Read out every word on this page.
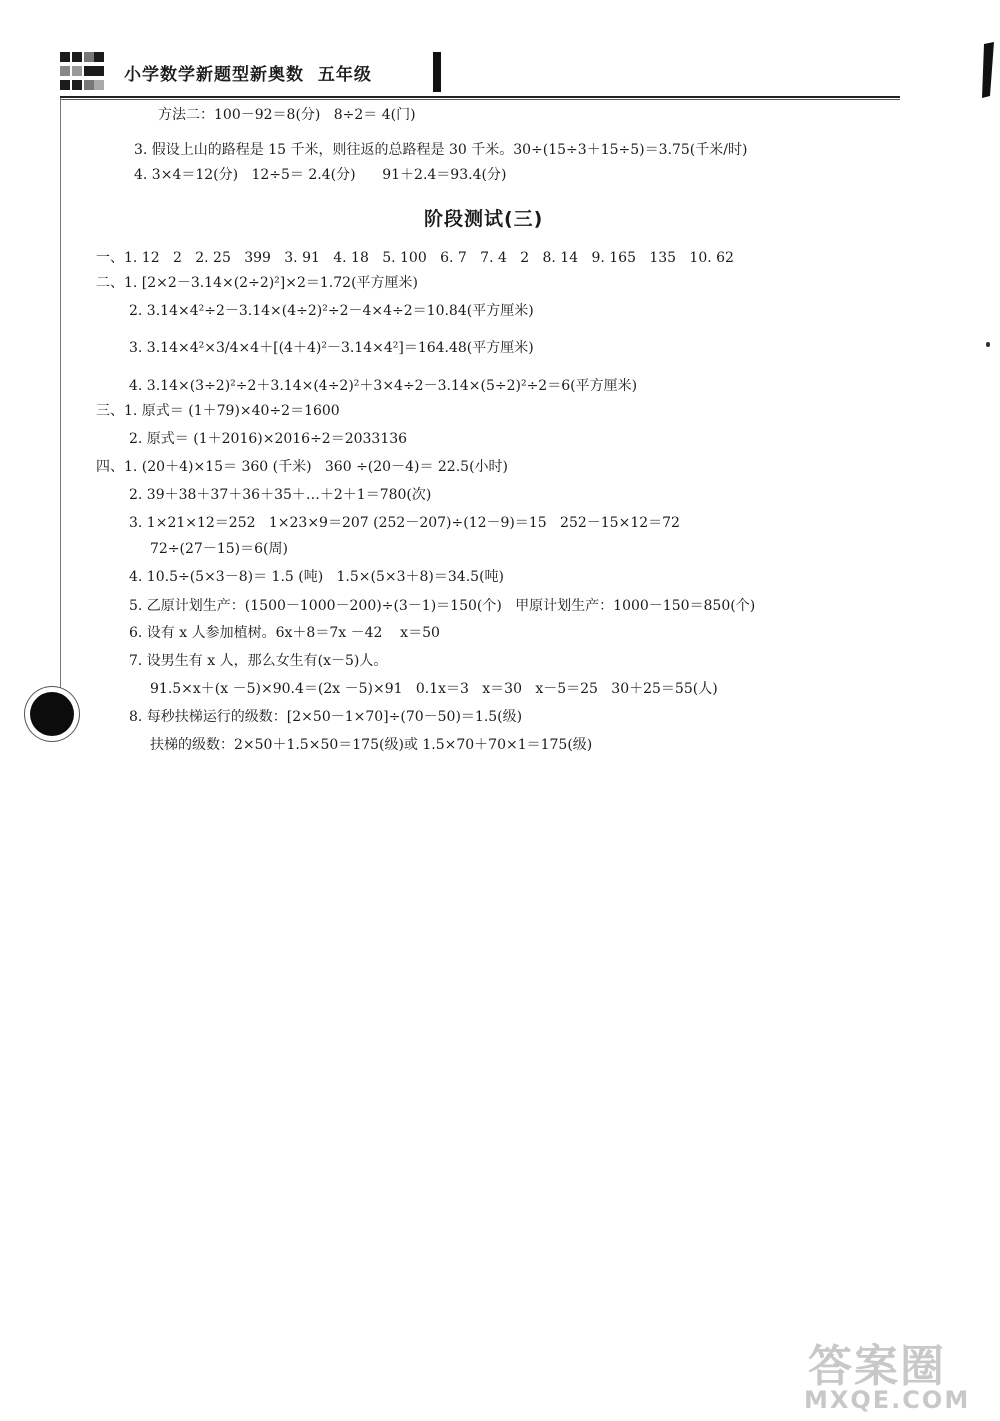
小学数学新题型新奥数  五年级
方法二：100－92＝8(分)   8÷2＝ 4(门)
3. 假设上山的路程是 15 千米，则往返的总路程是 30 千米。30÷(15÷3＋15÷5)＝3.75(千米/时)
4. 3×4＝12(分)   12÷5＝ 2.4(分)      91＋2.4＝93.4(分)
阶段测试(三)
一、1. 12   2   2. 25   399   3. 91   4. 18   5. 100   6. 7   7. 4   2   8. 14   9. 165   135   10. 62
二、1. [2×2－3.14×(2÷2)²]×2＝1.72(平方厘米)
2. 3.14×4²÷2－3.14×(4÷2)²÷2－4×4÷2＝10.84(平方厘米)
3. 3.14×4²×3/4×4＋[(4＋4)²－3.14×4²]＝164.48(平方厘米)
4. 3.14×(3÷2)²÷2＋3.14×(4÷2)²＋3×4÷2－3.14×(5÷2)²÷2＝6(平方厘米)
三、1. 原式＝ (1＋79)×40÷2＝1600
2. 原式＝ (1＋2016)×2016÷2＝2033136
四、1. (20＋4)×15＝ 360 (千米)   360 ÷(20－4)＝ 22.5(小时)
2. 39＋38＋37＋36＋35＋…＋2＋1＝780(次)
3. 1×21×12＝252   1×23×9＝207 (252－207)÷(12－9)＝15   252－15×12＝72
72÷(27－15)＝6(周)
4. 10.5÷(5×3－8)＝ 1.5 (吨)   1.5×(5×3＋8)＝34.5(吨)
5. 乙原计划生产：(1500－1000－200)÷(3－1)＝150(个)   甲原计划生产：1000－150＝850(个)
6. 设有 x 人参加植树。6x＋8＝7x －42    x＝50
7. 设男生有 x 人，那么女生有(x－5)人。
91.5×x＋(x －5)×90.4＝(2x －5)×91   0.1x＝3   x＝30   x－5＝25   30＋25＝55(人)
8. 每秒扶梯运行的级数：[2×50－1×70]÷(70－50)＝1.5(级)
扶梯的级数：2×50＋1.5×50＝175(级)或 1.5×70＋70×1＝175(级)
答案圈
MXQE.COM
